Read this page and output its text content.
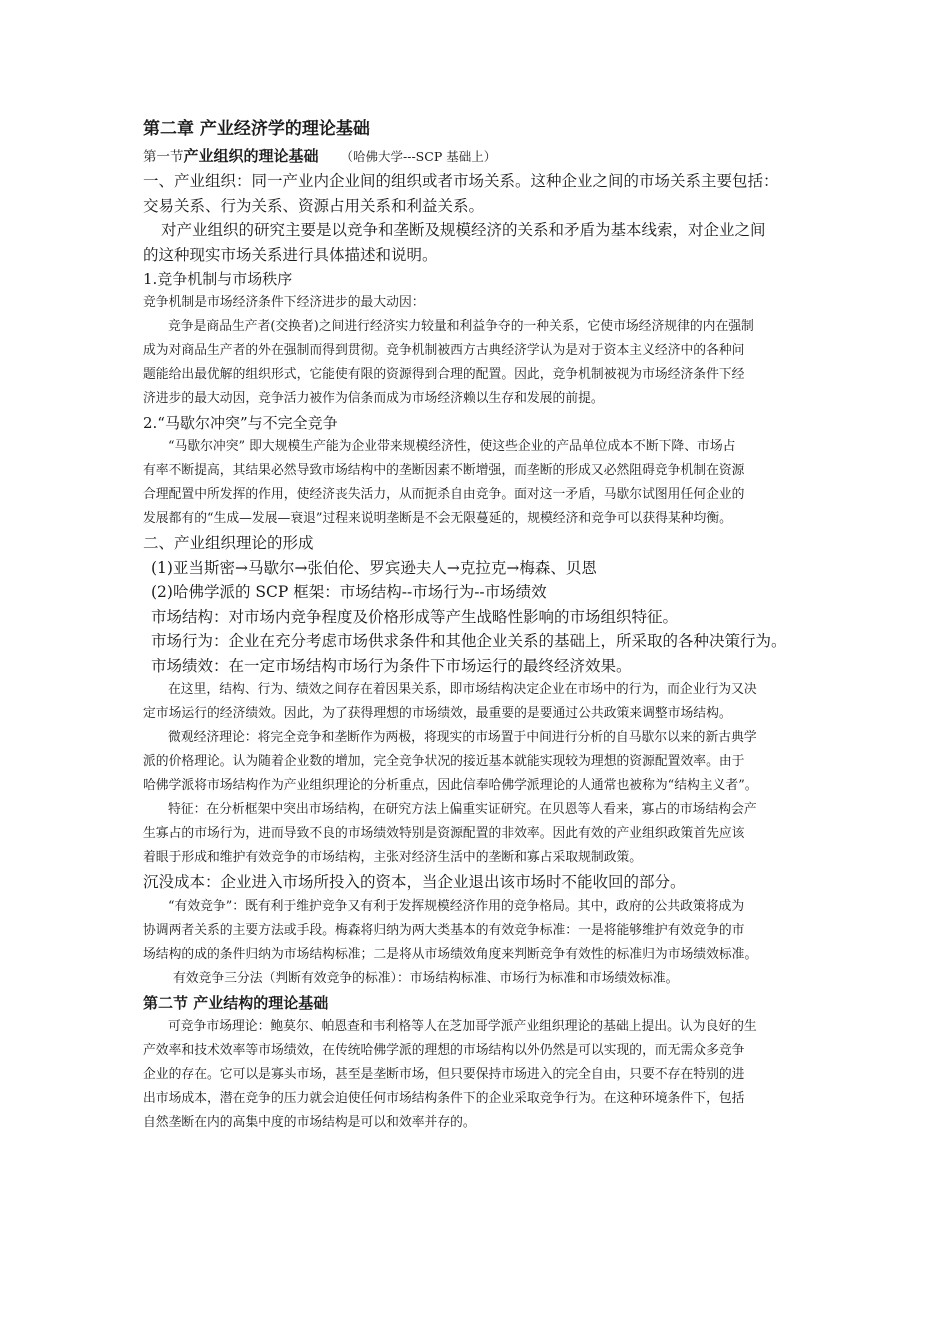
第二章 产业经济学的理论基础
第一节产业组织的理论基础 （哈佛大学---SCP 基础上）
一、产业组织：同一产业内企业间的组织或者市场关系。这种企业之间的市场关系主要包括：
交易关系、行为关系、资源占用关系和利益关系。
对产业组织的研究主要是以竞争和垄断及规模经济的关系和矛盾为基本线索，对企业之间
的这种现实市场关系进行具体描述和说明。
1.竞争机制与市场秩序
竞争机制是市场经济条件下经济进步的最大动因：
竞争是商品生产者(交换者)之间进行经济实力较量和利益争夺的一种关系，它使市场经济规律的内在强制
成为对商品生产者的外在强制而得到贯彻。竞争机制被西方古典经济学认为是对于资本主义经济中的各种问
题能给出最优解的组织形式，它能使有限的资源得到合理的配置。因此，竞争机制被视为市场经济条件下经
济进步的最大动因，竞争活力被作为信条而成为市场经济赖以生存和发展的前提。
2.“马歇尔冲突”与不完全竞争
“马歇尔冲突” 即大规模生产能为企业带来规模经济性，使这些企业的产品单位成本不断下降、市场占
有率不断提高，其结果必然导致市场结构中的垄断因素不断增强，而垄断的形成又必然阻碍竞争机制在资源
合理配置中所发挥的作用，使经济丧失活力，从而扼杀自由竞争。面对这一矛盾，马歇尔试图用任何企业的
发展都有的“生成—发展—衰退”过程来说明垄断是不会无限蔓延的，规模经济和竞争可以获得某种均衡。
二、产业组织理论的形成
(1)亚当斯密→马歇尔→张伯伦、罗宾逊夫人→克拉克→梅森、贝恩
(2)哈佛学派的 SCP 框架：市场结构--市场行为--市场绩效
市场结构：对市场内竞争程度及价格形成等产生战略性影响的市场组织特征。
市场行为：企业在充分考虑市场供求条件和其他企业关系的基础上，所采取的各种决策行为。
市场绩效：在一定市场结构市场行为条件下市场运行的最终经济效果。
在这里，结构、行为、绩效之间存在着因果关系，即市场结构决定企业在市场中的行为，而企业行为又决
定市场运行的经济绩效。因此，为了获得理想的市场绩效，最重要的是要通过公共政策来调整市场结构。
微观经济理论：将完全竞争和垄断作为两极，将现实的市场置于中间进行分析的自马歇尔以来的新古典学
派的价格理论。认为随着企业数的增加，完全竞争状况的接近基本就能实现较为理想的资源配置效率。由于
哈佛学派将市场结构作为产业组织理论的分析重点，因此信奉哈佛学派理论的人通常也被称为“结构主义者”。
特征：在分析框架中突出市场结构，在研究方法上偏重实证研究。在贝恩等人看来，寡占的市场结构会产
生寡占的市场行为，进而导致不良的市场绩效特别是资源配置的非效率。因此有效的产业组织政策首先应该
着眼于形成和维护有效竞争的市场结构，主张对经济生活中的垄断和寡占采取规制政策。
沉没成本：企业进入市场所投入的资本，当企业退出该市场时不能收回的部分。
“有效竞争”：既有利于维护竞争又有利于发挥规模经济作用的竞争格局。其中，政府的公共政策将成为
协调两者关系的主要方法或手段。梅森将归纳为两大类基本的有效竞争标准：一是将能够维护有效竞争的市
场结构的成的条件归纳为市场结构标准；二是将从市场绩效角度来判断竞争有效性的标准归为市场绩效标准。
有效竞争三分法（判断有效竞争的标准）：市场结构标准、市场行为标准和市场绩效标准。
第二节 产业结构的理论基础
可竞争市场理论：鲍莫尔、帕恩查和韦利格等人在芝加哥学派产业组织理论的基础上提出。认为良好的生
产效率和技术效率等市场绩效，在传统哈佛学派的理想的市场结构以外仍然是可以实现的，而无需众多竞争
企业的存在。它可以是寡头市场，甚至是垄断市场，但只要保持市场进入的完全自由，只要不存在特别的进
出市场成本，潜在竞争的压力就会迫使任何市场结构条件下的企业采取竞争行为。在这种环境条件下，包括
自然垄断在内的高集中度的市场结构是可以和效率并存的。
